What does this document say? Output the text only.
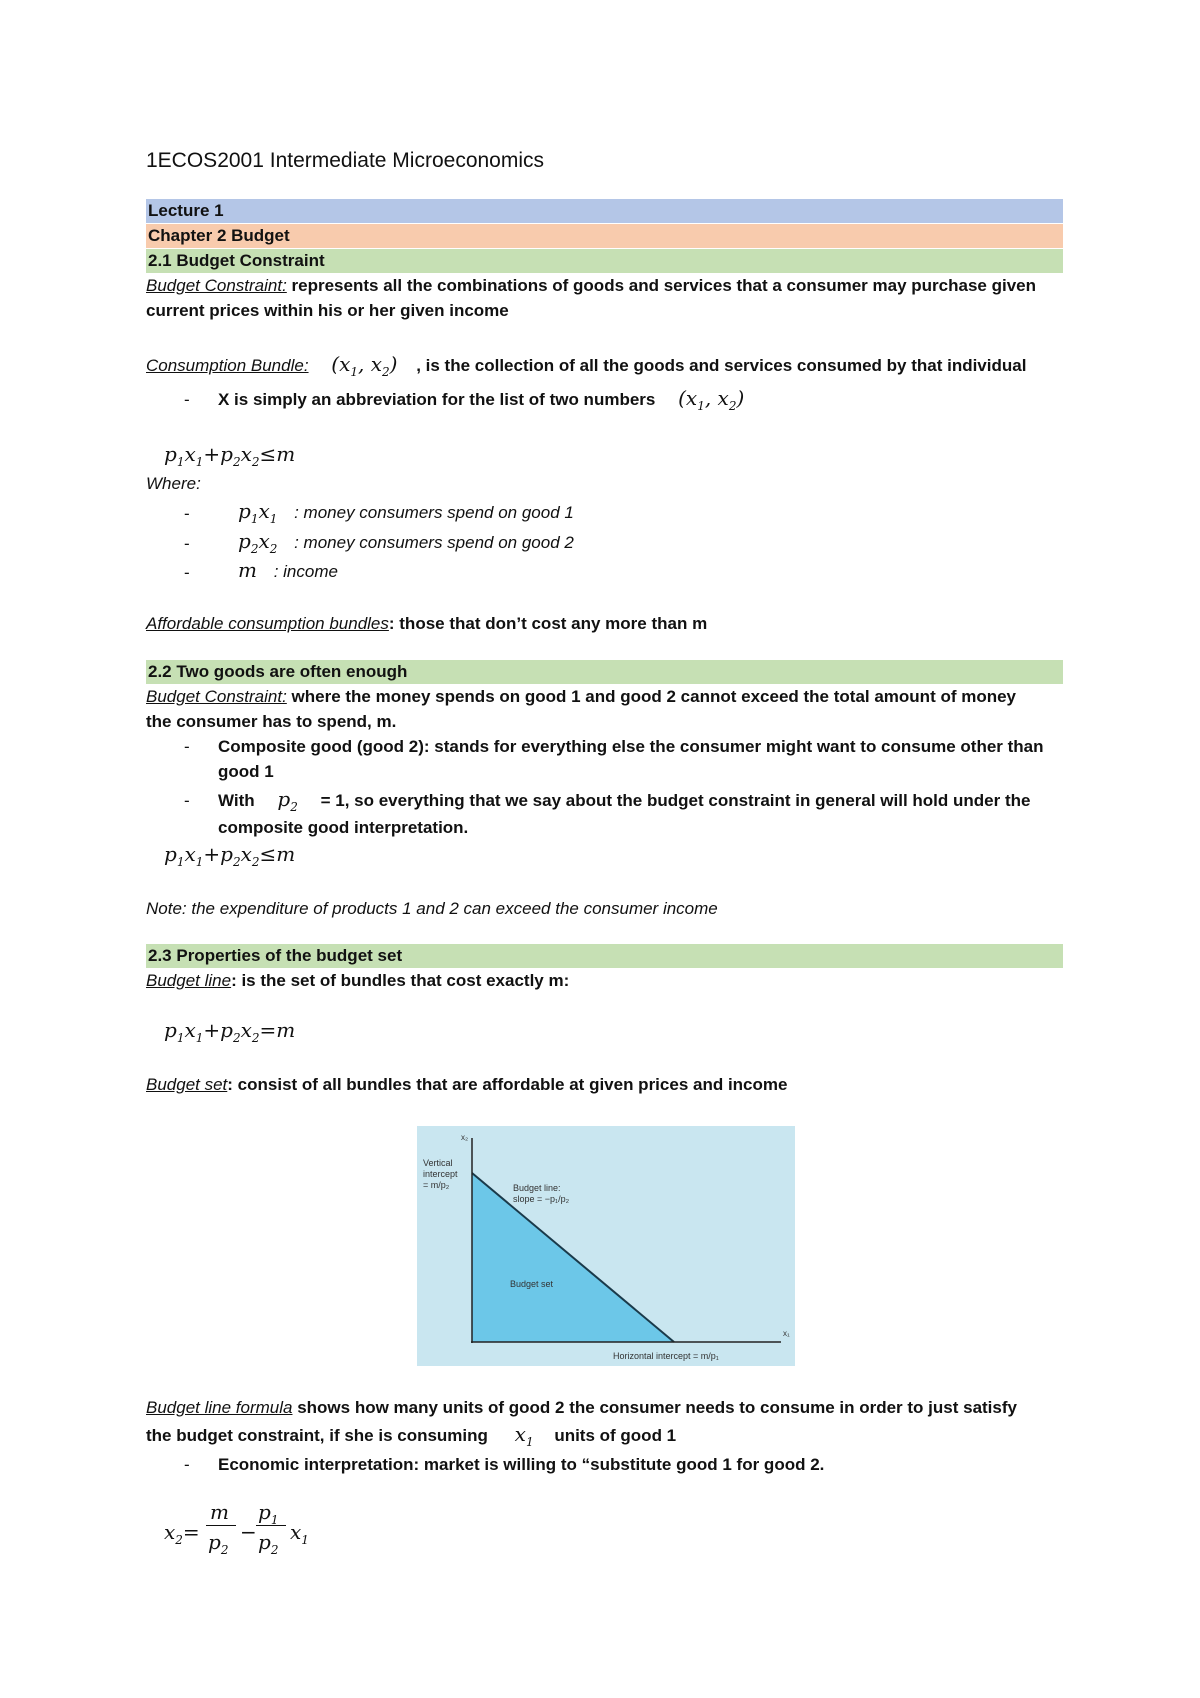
1ECOS2001 Intermediate Microeconomics
Lecture 1
Chapter 2 Budget
2.1 Budget Constraint
Budget Constraint: represents all the combinations of goods and services that a consumer may purchase given
current prices within his or her given income
Consumption Bundle: ($x_1$, $x_2$) , is the collection of all the goods and services consumed by that individual
- X is simply an abbreviation for the list of two numbers ($x_1$, $x_2$)
$p_1x_1+p_2x_2\le m$
Where:
- $p_1x_1$ : money consumers spend on good 1
- $p_2x_2$ : money consumers spend on good 2
- m : income
Affordable consumption bundles: those that don’t cost any more than m
2.2 Two goods are often enough
Budget Constraint: where the money spends on good 1 and good 2 cannot exceed the total amount of money
the consumer has to spend, m.
- Composite good (good 2): stands for everything else the consumer might want to consume other than
good 1
- With $p_2 = 1$, so everything that we say about the budget constraint in general will hold under the
composite good interpretation.
$p_1x_1+p_2x_2\le m$
Note: the expenditure of products 1 and 2 can exceed the consumer income
2.3 Properties of the budget set
Budget line: is the set of bundles that cost exactly m:
$p_1x_1+p_2x_2=m$
Budget set: consist of all bundles that are affordable at given prices and income
x₂
x₁
Vertical
intercept
= m/p₂	Budget line:
slope = −p₁/p₂
Budget set
Horizontal intercept = m/p₁
Budget line formula shows how many units of good 2 the consumer needs to consume in order to just satisfy
the budget constraint, if she is consuming $x_1$ units of good 1
- Economic interpretation: market is willing to “substitute good 1 for good 2.
$x_2=$
m
$p_2$
−
$p_1$
$p_2$
$x_1$
